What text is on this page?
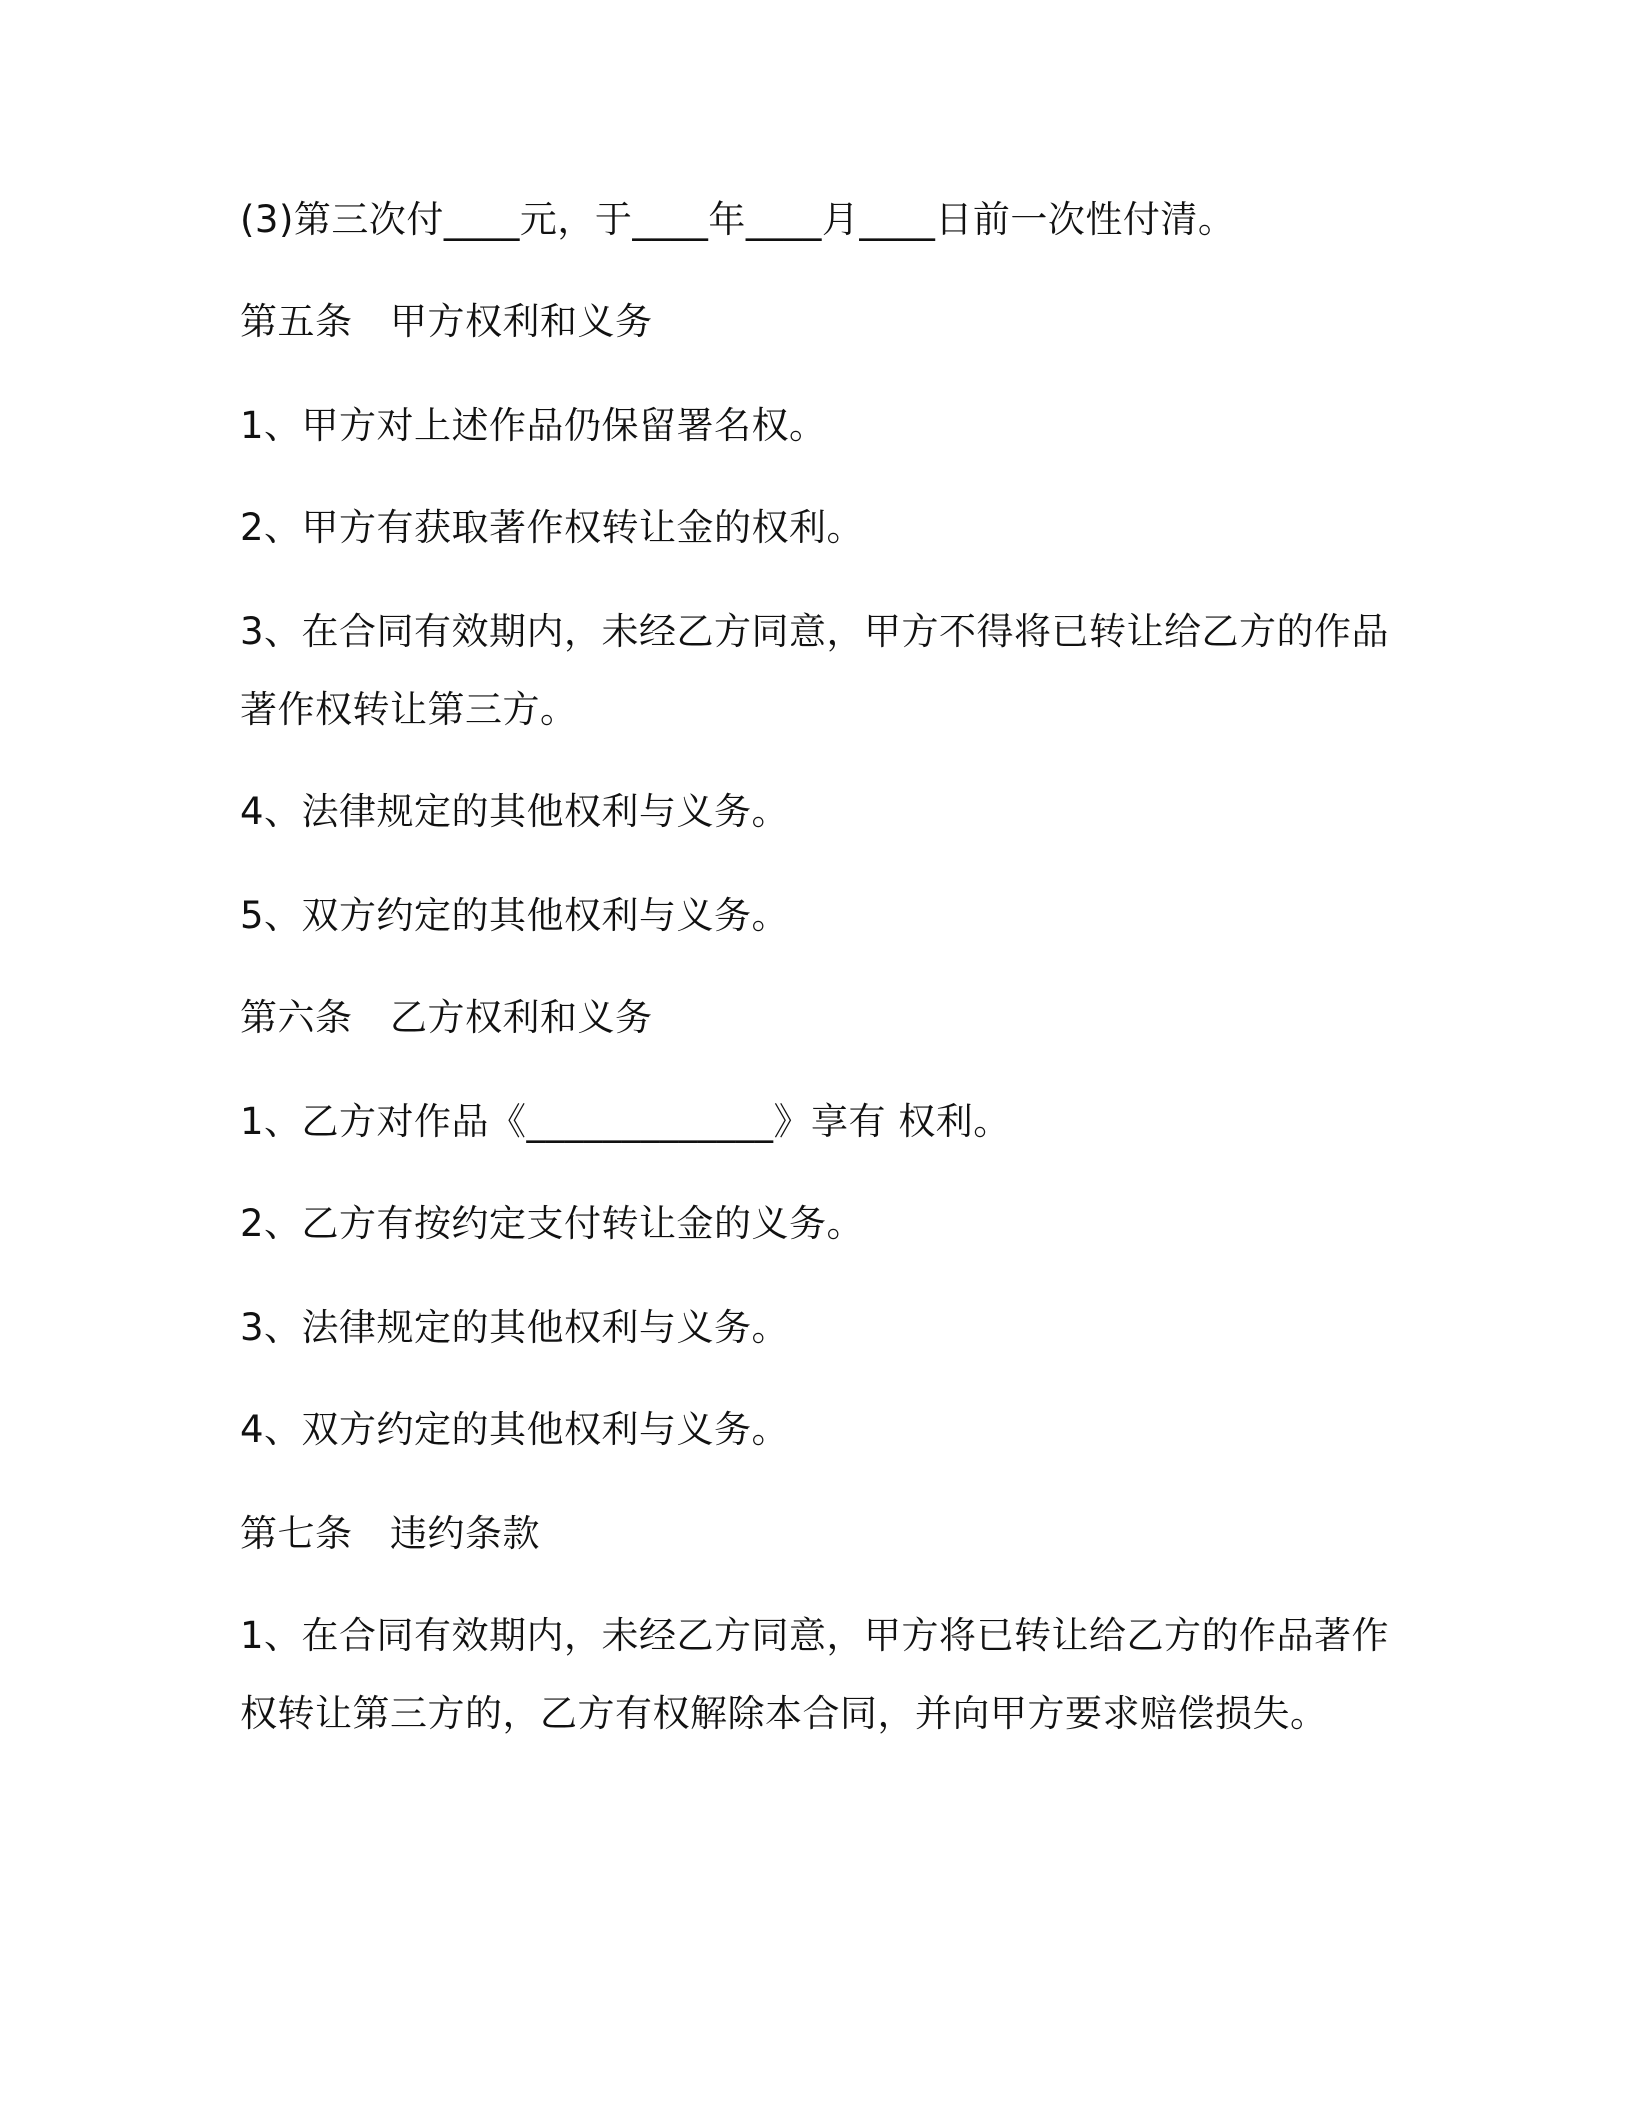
(3)第三次付____元，于____年____月____日前一次性付清。
第五条　甲方权利和义务
1、甲方对上述作品仍保留署名权。
2、甲方有获取著作权转让金的权利。
3、在合同有效期内，未经乙方同意，甲方不得将已转让给乙方的作品
著作权转让第三方。
4、法律规定的其他权利与义务。
5、双方约定的其他权利与义务。
第六条　乙方权利和义务
1、乙方对作品《_____________》享有 权利。
2、乙方有按约定支付转让金的义务。
3、法律规定的其他权利与义务。
4、双方约定的其他权利与义务。
第七条　违约条款
1、在合同有效期内，未经乙方同意，甲方将已转让给乙方的作品著作
权转让第三方的，乙方有权解除本合同，并向甲方要求赔偿损失。
